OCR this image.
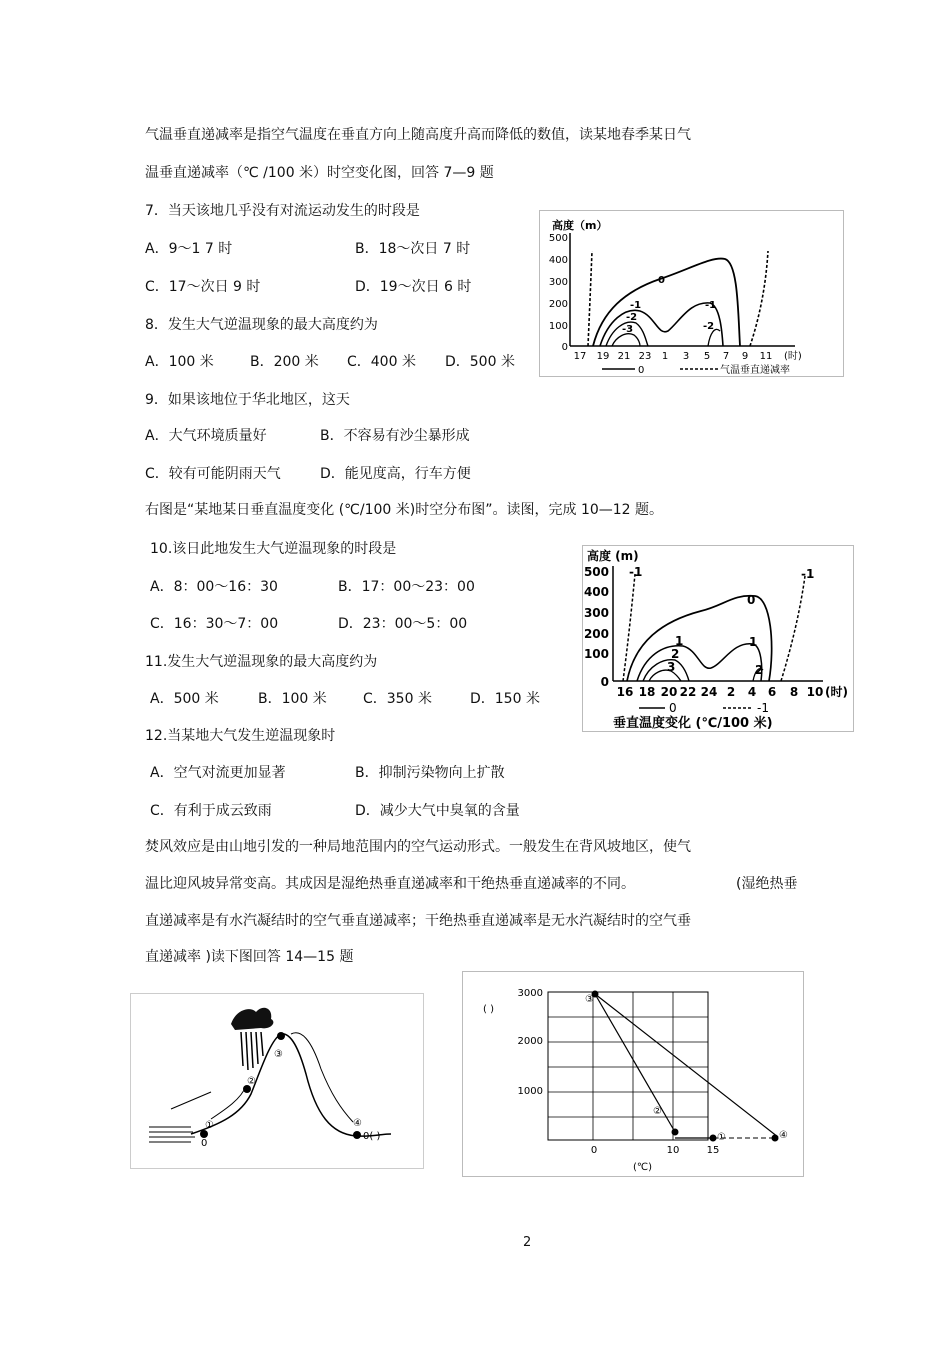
气温垂直递减率是指空气温度在垂直方向上随高度升高而降低的数值，读某地春季某日气
温垂直递减率（℃ /100 米）时空变化图，回答 7—9 题
7．当天该地几乎没有对流运动发生的时段是
A．9～1 7 时	B．18～次日 7 时
C．17～次日 9 时	D．19～次日 6 时
8．发生大气逆温现象的最大高度约为
A．100 米	B．200 米 C．400 米 D．500 米
9．如果该地位于华北地区，这天
A．大气环境质量好	B．不容易有沙尘暴形成
C．较有可能阴雨天气	D．能见度高，行车方便
右图是“某地某日垂直温度变化 (℃/100 米)时空分布图”。读图，完成 10—12 题。
10.该日此地发生大气逆温现象的时段是
A．8：00～16：30	B．17：00～23：00
C．16：30～7：00	D．23：00～5：00
11.发生大气逆温现象的最大高度约为
A．500 米	B．100 米	C．350 米	D．150 米
12.当某地大气发生逆温现象时
A．空气对流更加显著	B．抑制污染物向上扩散
C．有利于成云致雨	D．减少大气中臭氧的含量
焚风效应是由山地引发的一种局地范围内的空气运动形式。一般发生在背风坡地区，使气
温比迎风坡异常变高。其成因是湿绝热垂直递减率和干绝热垂直递减率的不同。	(湿绝热垂
直递减率是有水汽凝结时的空气垂直递减率；干绝热垂直递减率是无水汽凝结时的空气垂
直递减率 )读下图回答 14—15 题
高度（m）
500
400
300
200
100
0
17 19 21 23 1 3 5 7 9 11 (时)
0
-1
-2
-3
-1
-2
0	气温垂直递减率
高度 (m)
500
400
300
200
100
0
16 18 20 22 24 2 4 6 8 10 (时)
0
1
2
3
1
2
-1	-1
0	-1
垂直温度变化 (℃/100 米)
①
②
③
④
0
0( )
( )
3000
2000
1000
0	10	15
(℃)
①
②
③
④
2
